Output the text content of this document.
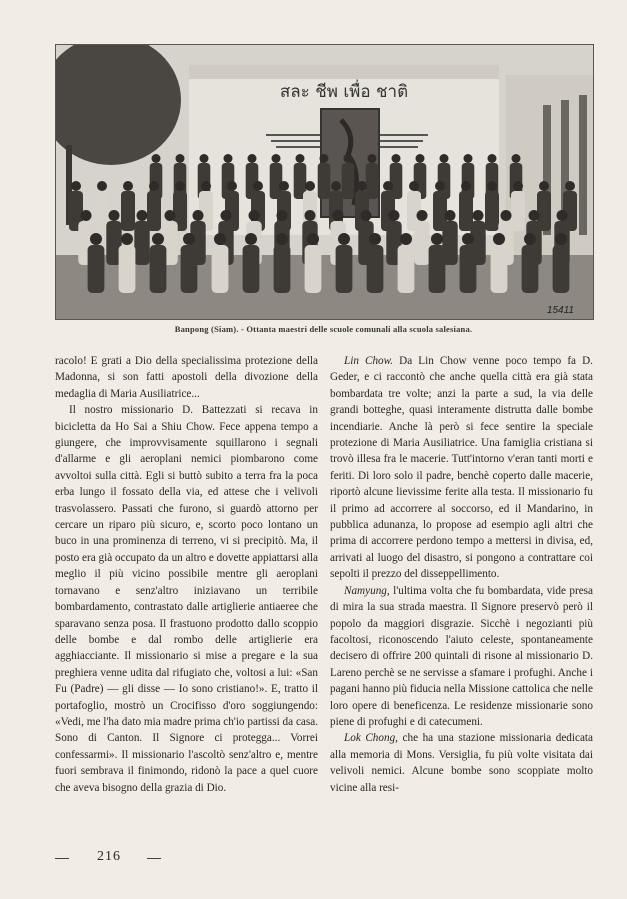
สละ ชีพ เพื่อ ชาติ
15411
Banpong (Siam). - Ottanta maestri delle scuole comunali alla scuola salesiana.

racolo! E grati a Dio della specialissima protezione della Madonna, si son fatti apostoli della divozione della medaglia di Maria Ausiliatrice...

Il nostro missionario D. Battezzati si recava in bicicletta da Ho Sai a Shiu Chow. Fece appena tempo a giungere, che improvvisamente squillarono i segnali d'allarme e gli aeroplani nemici piombarono come avvoltoi sulla città. Egli si buttò subito a terra fra la poca erba lungo il fossato della via, ed attese che i velivoli trasvolassero. Passati che furono, si guardò attorno per cercare un riparo più sicuro, e, scorto poco lontano un buco in una prominenza di terreno, vi si precipitò. Ma, il posto era già occupato da un altro e dovette appiattarsi alla meglio il più vicino possibile mentre gli aeroplani tornavano e senz'altro iniziavano un terribile bombardamento, contrastato dalle artiglierie antiaeree che sparavano senza posa. Il frastuono prodotto dallo scoppio delle bombe e dal rombo delle artiglierie era agghiacciante. Il missionario si mise a pregare e la sua preghiera venne udita dal rifugiato che, voltosi a lui: «San Fu (Padre) — gli disse — Io sono cristiano!». E, tratto il portafoglio, mostrò un Crocifisso d'oro soggiungendo: «Vedi, me l'ha dato mia madre prima ch'io partissi da casa. Sono di Canton. Il Signore ci protegga... Vorrei confessarmi». Il missionario l'ascoltò senz'altro e, mentre fuori sembrava il finimondo, ridonò la pace a quel cuore che aveva bisogno della grazia di Dio.

Lin Chow. Da Lin Chow venne poco tempo fa D. Geder, e ci raccontò che anche quella città era già stata bombardata tre volte; anzi la parte a sud, la via delle grandi botteghe, quasi interamente distrutta dalle bombe incendiarie. Anche là però si fece sentire la speciale protezione di Maria Ausiliatrice. Una famiglia cristiana si trovò illesa fra le macerie. Tutt'intorno v'eran tanti morti e feriti. Di loro solo il padre, benchè coperto dalle macerie, riportò alcune lievissime ferite alla testa. Il missionario fu il primo ad accorrere al soccorso, ed il Mandarino, in pubblica adunanza, lo propose ad esempio agli altri che prima di accorrere perdono tempo a mettersi in divisa, ed, arrivati al luogo del disastro, si pongono a contrattare coi sepolti il prezzo del disseppellimento.

Namyung, l'ultima volta che fu bombardata, vide presa di mira la sua strada maestra. Il Signore preservò però il popolo da maggiori disgrazie. Sicchè i negozianti più facoltosi, riconoscendo l'aiuto celeste, spontaneamente decisero di offrire 200 quintali di risone al missionario D. Lareno perchè se ne servisse a sfamare i profughi. Anche i pagani hanno più fiducia nella Missione cattolica che nelle loro opere di beneficenza. Le residenze missionarie sono piene di profughi e di catecumeni.

Lok Chong, che ha una stazione missionaria dedicata alla memoria di Mons. Versiglia, fu più volte visitata dai velivoli nemici. Alcune bombe sono scoppiate molto vicine alla resi-

216
